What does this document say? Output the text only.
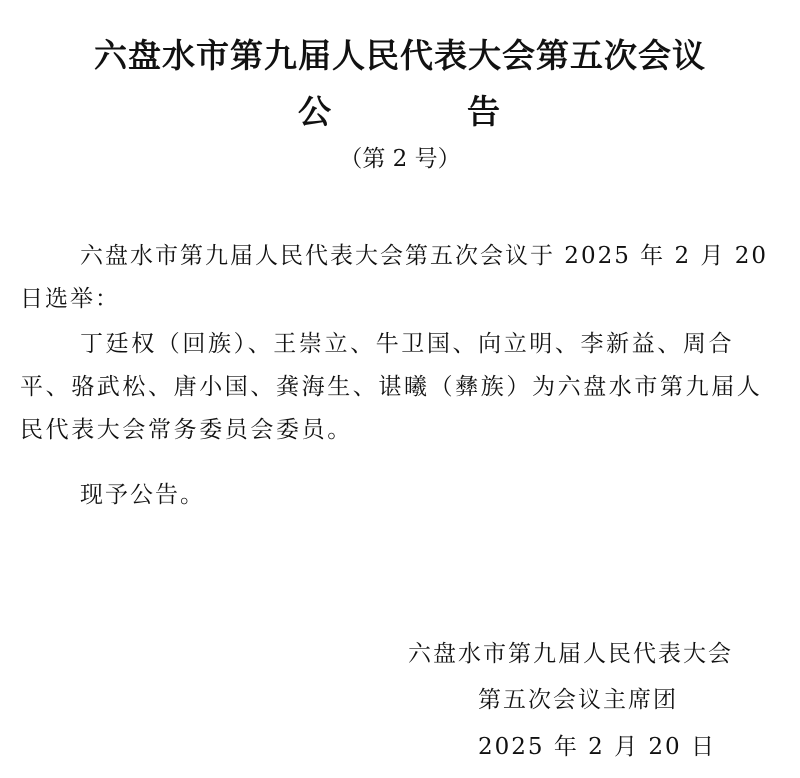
六盘水市第九届人民代表大会第五次会议
公	告
（第 2 号）
六盘水市第九届人民代表大会第五次会议于 2025 年 2 月 20 日选举：
丁廷权（回族）、王崇立、牛卫国、向立明、李新益、周合平、骆武松、唐小国、龚海生、谌曦（彝族）为六盘水市第九届人民代表大会常务委员会委员。
现予公告。
六盘水市第九届人民代表大会
第五次会议主席团
2025 年 2 月 20 日
